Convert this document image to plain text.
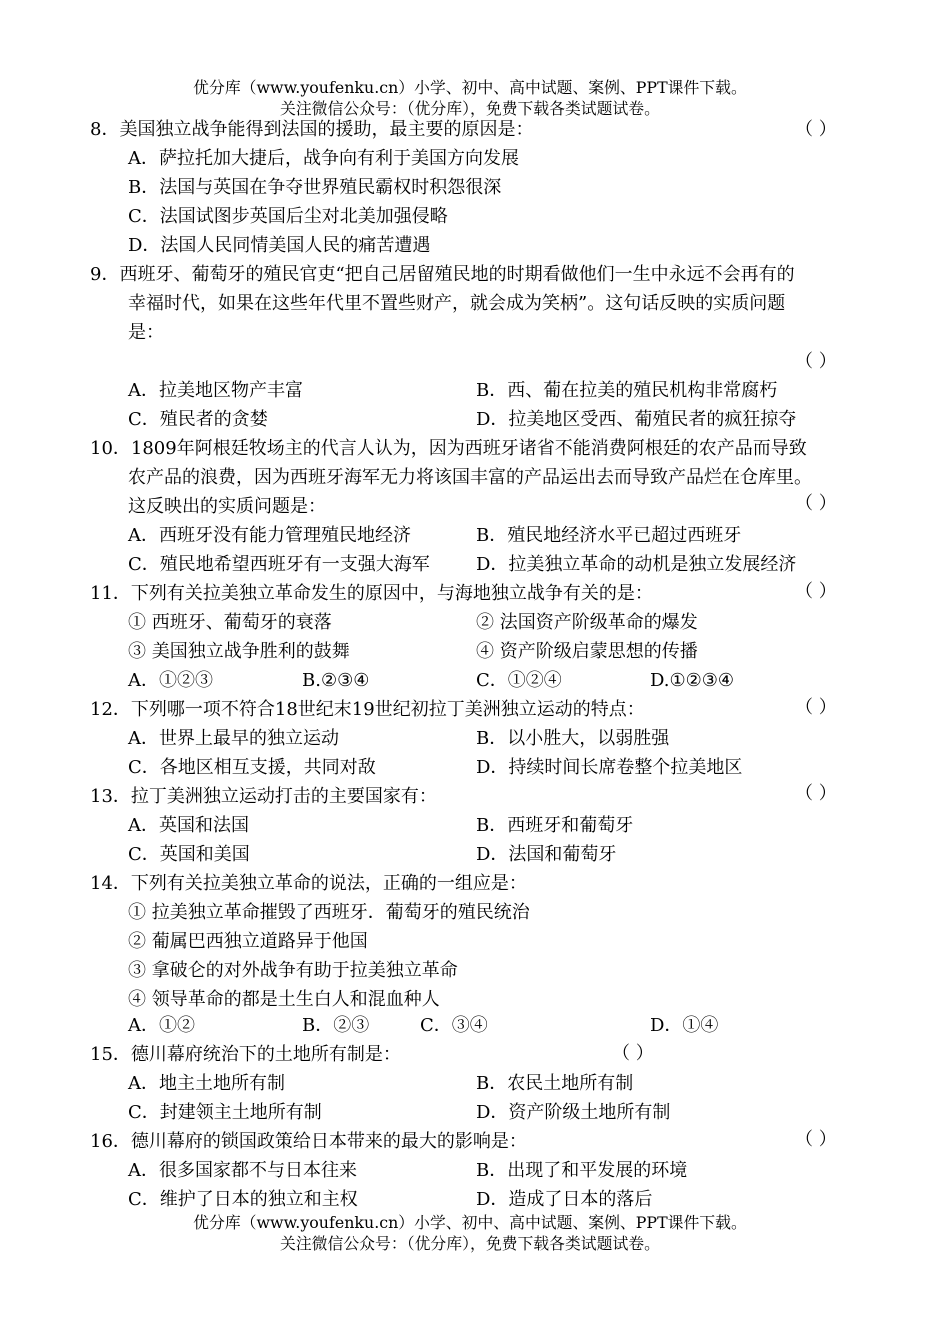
优分库（www.youfenku.cn）小学、初中、高中试题、案例、PPT课件下载。
关注微信公众号：（优分库），免费下载各类试题试卷。
8．美国独立战争能得到法国的援助，最主要的原因是：	（ ）
A．萨拉托加大捷后，战争向有利于美国方向发展
B．法国与英国在争夺世界殖民霸权时积怨很深
C．法国试图步英国后尘对北美加强侵略
D．法国人民同情美国人民的痛苦遭遇
9．西班牙、葡萄牙的殖民官吏“把自己居留殖民地的时期看做他们一生中永远不会再有的
幸福时代，如果在这些年代里不置些财产，就会成为笑柄”。这句话反映的实质问题
是：
（ ）
A．拉美地区物产丰富	B．西、葡在拉美的殖民机构非常腐朽
C．殖民者的贪婪	D．拉美地区受西、葡殖民者的疯狂掠夺
10．1809年阿根廷牧场主的代言人认为，因为西班牙诸省不能消费阿根廷的农产品而导致
农产品的浪费，因为西班牙海军无力将该国丰富的产品运出去而导致产品烂在仓库里。
这反映出的实质问题是：	（ ）
A．西班牙没有能力管理殖民地经济	B．殖民地经济水平已超过西班牙
C．殖民地希望西班牙有一支强大海军	D．拉美独立革命的动机是独立发展经济
11．下列有关拉美独立革命发生的原因中，与海地独立战争有关的是：	（ ）
① 西班牙、葡萄牙的衰落	② 法国资产阶级革命的爆发
③ 美国独立战争胜利的鼓舞	④ 资产阶级启蒙思想的传播
A．①②③	B.②③④	C．①②④	D.①②③④
12．下列哪一项不符合18世纪末19世纪初拉丁美洲独立运动的特点：	（ ）
A．世界上最早的独立运动	B．以小胜大，以弱胜强
C．各地区相互支援，共同对敌	D．持续时间长席卷整个拉美地区
13．拉丁美洲独立运动打击的主要国家有：	（ ）
A．英国和法国	B．西班牙和葡萄牙
C．英国和美国	D．法国和葡萄牙
14．下列有关拉美独立革命的说法，正确的一组应是：
① 拉美独立革命摧毁了西班牙．葡萄牙的殖民统治
② 葡属巴西独立道路异于他国
③ 拿破仑的对外战争有助于拉美独立革命
④ 领导革命的都是土生白人和混血种人
A．①②	B．②③	C．③④	D．①④
15．德川幕府统治下的土地所有制是：	（ ）
A．地主土地所有制	B．农民土地所有制
C．封建领主土地所有制	D．资产阶级土地所有制
16．德川幕府的锁国政策给日本带来的最大的影响是：	（ ）
A．很多国家都不与日本往来	B．出现了和平发展的环境
C．维护了日本的独立和主权	D．造成了日本的落后
优分库（www.youfenku.cn）小学、初中、高中试题、案例、PPT课件下载。
关注微信公众号：（优分库），免费下载各类试题试卷。
